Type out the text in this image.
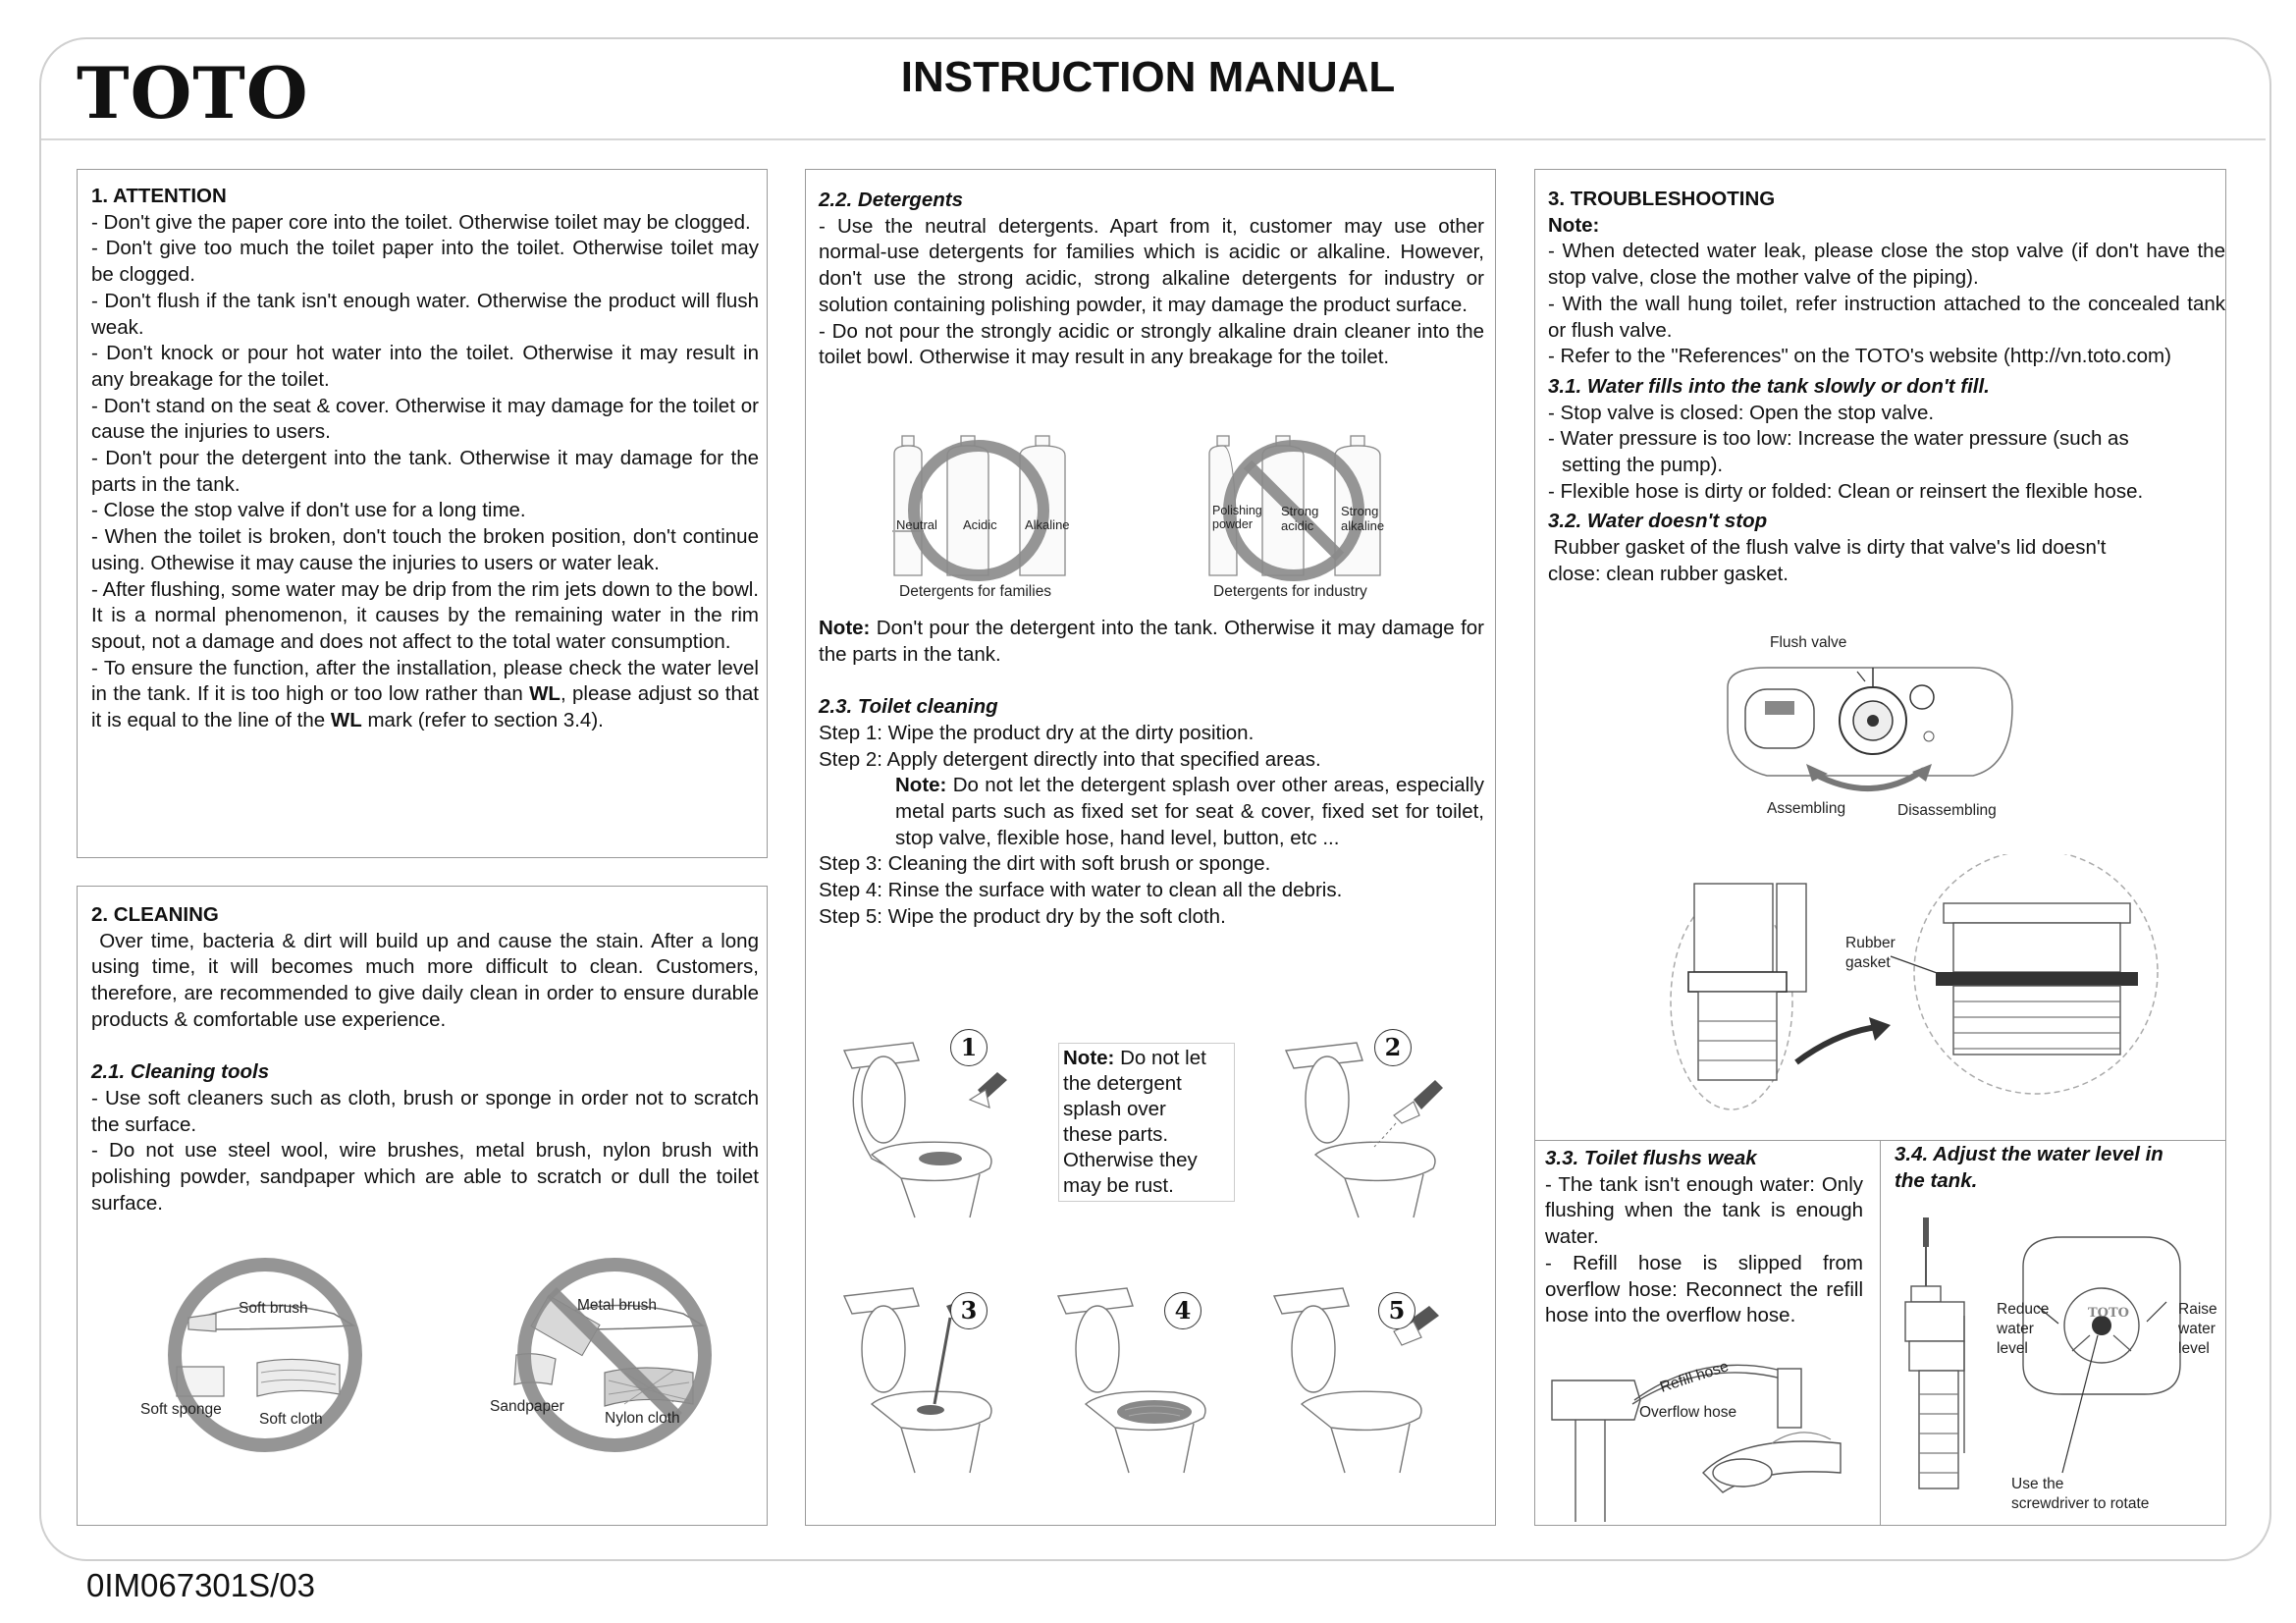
TOTO	INSTRUCTION MANUAL
0IM067301S/03

1. ATTENTION

- Don't give the paper core into the toilet. Otherwise toilet may be clogged.

- Don't give too much the toilet paper into the toilet. Otherwise toilet may be clogged.

- Don't flush if the tank isn't enough water. Otherwise the product will flush weak.

- Don't knock or pour hot water into the toilet. Otherwise it may result in any breakage for the toilet.

- Don't stand on the seat & cover. Otherwise it may damage for the toilet or cause the injuries to users.

- Don't pour the detergent into the tank. Otherwise it may damage for the parts in the tank.

- Close the stop valve if don't use for a long time.

- When the toilet is broken, don't touch the broken position, don't continue using. Othewise it may cause the injuries to users or water leak.

- After flushing, some water may be drip from the rim jets down to the bowl. It is a normal phenomenon, it causes by the remaining water in the rim spout, not a damage and does not affect to the total water consumption.

- To ensure the function, after the installation, please check the water level in the tank. If it is too high or too low rather than WL, please adjust so that it is equal to the line of the WL mark (refer to section 3.4).

2. CLEANING

Over time, bacteria & dirt will build up and cause the stain. After a long using time, it will becomes much more difficult to clean. Customers, therefore, are recommended to give daily clean in order to ensure durable products & comfortable use experience.

2.1. Cleaning tools

- Use soft cleaners such as cloth, brush or sponge in order not to scratch the surface.

- Do not use steel wool, wire brushes, metal brush, nylon brush with polishing powder, sandpaper which are able to scratch or dull the toilet surface.

Soft brush
Soft sponge
Soft cloth
Metal brush
Sandpaper
Nylon cloth

2.2. Detergents

- Use the neutral detergents. Apart from it, customer may use other normal-use detergents for families which is acidic or alkaline. However, don't use the strong acidic, strong alkaline detergents for industry or solution containing polishing powder, it may damage the product surface.

- Do not pour the strongly acidic or strongly alkaline drain cleaner into the toilet bowl. Otherwise it may result in any breakage for the toilet.

Neutral Acidic Alkaline
Detergents for families
Polishing
powder
Strong
acidic
Strong
alkaline
Detergents for industry

Note: Don't pour the detergent into the tank. Otherwise it may damage for the parts in the tank.

2.3. Toilet cleaning

Step 1: Wipe the product dry at the dirty position.

Step 2: Apply detergent directly into that specified areas.

Note: Do not let the detergent splash over other areas, especially metal parts such as fixed set for seat & cover, fixed set for toilet, stop valve, flexible hose, hand level, button, etc ...

Step 3: Cleaning the dirt with soft brush or sponge.

Step 4: Rinse the surface with water to clean all the debris.

Step 5: Wipe the product dry by the soft cloth.

1	Note: Do not let
the detergent
splash over
these parts.
Otherwise they
may be rust.
2
3	4	5

3. TROUBLESHOOTING

Note:

- When detected water leak, please close the stop valve (if don't have the stop valve, close the mother valve of the piping).

- With the wall hung toilet, refer instruction attached to the concealed tank or flush valve.

- Refer to the "References" on the TOTO's website (http://vn.toto.com)

3.1. Water fills into the tank slowly or don't fill.

- Stop valve is closed: Open the stop valve.

- Water pressure is too low: Increase the water pressure (such as

setting the pump).

- Flexible hose is dirty or folded: Clean or reinsert the flexible hose.

3.2. Water doesn't stop

Rubber gasket of the flush valve is dirty that valve's lid doesn't

close: clean rubber gasket.

Flush valve
Assembling	Disassembling
Rubber
gasket

3.3. Toilet flushs weak

- The tank isn't enough water: Only flushing when the tank is enough water.

- Refill hose is slipped from overflow hose: Reconnect the refill hose into the overflow hose.

Refill hose
Overflow hose
3.4. Adjust the water level in
the tank.
TOTO
Reduce
water
level
Raise
water
level
Use the
screwdriver to rotate
